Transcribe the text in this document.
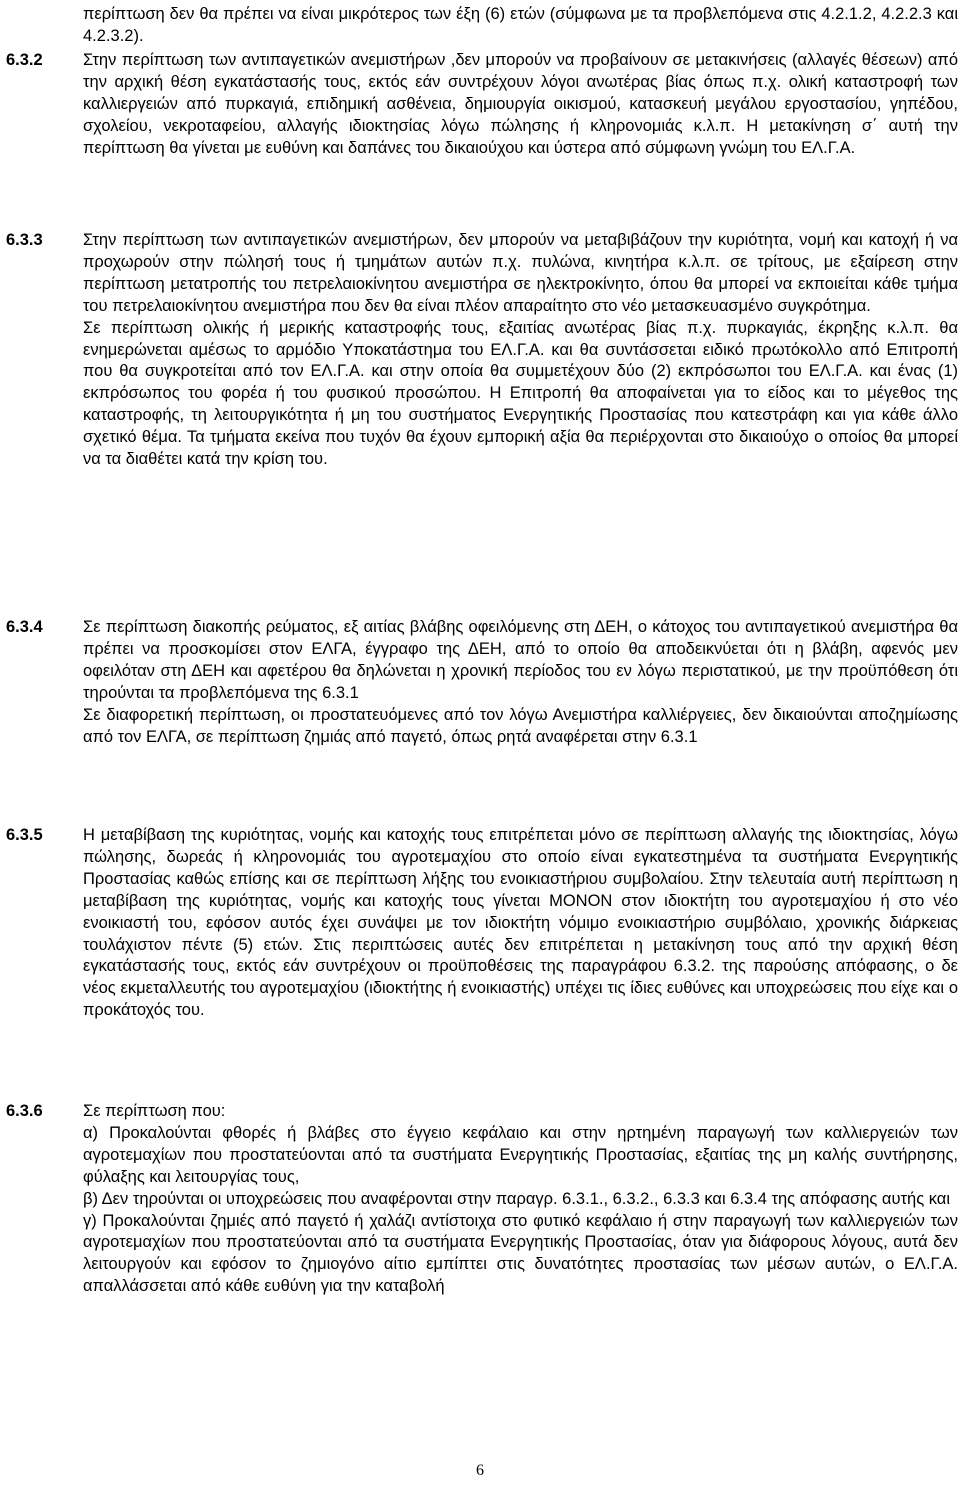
περίπτωση δεν θα πρέπει να είναι μικρότερος των έξη (6) ετών (σύμφωνα με τα προβλεπόμενα στις 4.2.1.2, 4.2.2.3 και 4.2.3.2).

6.3.2 Στην περίπτωση των αντιπαγετικών ανεμιστήρων ,δεν μπορούν να προβαίνουν σε μετακινήσεις (αλλαγές θέσεων) από την αρχική θέση εγκατάστασής τους, εκτός εάν συντρέχουν λόγοι ανωτέρας βίας όπως π.χ. ολική καταστροφή των καλλιεργειών από πυρκαγιά, επιδημική ασθένεια, δημιουργία οικισμού, κατασκευή μεγάλου εργοστασίου, γηπέδου, σχολείου, νεκροταφείου, αλλαγής ιδιοκτησίας λόγω πώλησης ή κληρονομιάς κ.λ.π. Η μετακίνηση σ΄ αυτή την περίπτωση θα γίνεται με ευθύνη και δαπάνες του δικαιούχου και ύστερα από σύμφωνη γνώμη του ΕΛ.Γ.Α.

6.3.3 Στην περίπτωση των αντιπαγετικών ανεμιστήρων, δεν μπορούν να μεταβιβάζουν την κυριότητα, νομή και κατοχή ή να προχωρούν στην πώλησή τους ή τμημάτων αυτών π.χ. πυλώνα, κινητήρα κ.λ.π. σε τρίτους, με εξαίρεση στην περίπτωση μετατροπής του πετρελαιοκίνητου ανεμιστήρα σε ηλεκτροκίνητο, όπου θα μπορεί να εκποιείται κάθε τμήμα του πετρελαιοκίνητου ανεμιστήρα που δεν θα είναι πλέον απαραίτητο στο νέο μετασκευασμένο συγκρότημα.

Σε περίπτωση ολικής ή μερικής καταστροφής τους, εξαιτίας ανωτέρας βίας π.χ. πυρκαγιάς, έκρηξης κ.λ.π. θα ενημερώνεται αμέσως το αρμόδιο Υποκατάστημα του ΕΛ.Γ.Α. και θα συντάσσεται ειδικό πρωτόκολλο από Επιτροπή που θα συγκροτείται από τον ΕΛ.Γ.Α. και στην οποία θα συμμετέχουν δύο (2) εκπρόσωποι του ΕΛ.Γ.Α. και ένας (1) εκπρόσωπος του φορέα ή του φυσικού προσώπου. Η Επιτροπή θα αποφαίνεται για το είδος και το μέγεθος της καταστροφής, τη λειτουργικότητα ή μη του συστήματος Ενεργητικής Προστασίας που κατεστράφη και για κάθε άλλο σχετικό θέμα. Τα τμήματα εκείνα που τυχόν θα έχουν εμπορική αξία θα περιέρχονται στο δικαιούχο ο οποίος θα μπορεί να τα διαθέτει κατά την κρίση του.

6.3.4 Σε περίπτωση διακοπής ρεύματος, εξ αιτίας βλάβης οφειλόμενης στη ΔΕΗ, ο κάτοχος του αντιπαγετικού ανεμιστήρα θα πρέπει να προσκομίσει στον ΕΛΓΑ, έγγραφο της ΔΕΗ, από το οποίο θα αποδεικνύεται ότι η βλάβη, αφενός μεν οφειλόταν στη ΔΕΗ και αφετέρου θα δηλώνεται η χρονική περίοδος του εν λόγω περιστατικού, με την προϋπόθεση ότι τηρούνται τα προβλεπόμενα της 6.3.1

Σε διαφορετική περίπτωση, οι προστατευόμενες από τον λόγω Ανεμιστήρα καλλιέργειες, δεν δικαιούνται αποζημίωσης από τον ΕΛΓΑ, σε περίπτωση ζημιάς από παγετό, όπως ρητά αναφέρεται στην 6.3.1

6.3.5 Η μεταβίβαση της κυριότητας, νομής και κατοχής τους επιτρέπεται μόνο σε περίπτωση αλλαγής της ιδιοκτησίας, λόγω πώλησης, δωρεάς ή κληρονομιάς του αγροτεμαχίου στο οποίο είναι εγκατεστημένα τα συστήματα Ενεργητικής Προστασίας καθώς επίσης και σε περίπτωση λήξης του ενοικιαστήριου συμβολαίου. Στην τελευταία αυτή περίπτωση η μεταβίβαση της κυριότητας, νομής και κατοχής τους γίνεται ΜΟΝΟΝ στον ιδιοκτήτη του αγροτεμαχίου ή στο νέο ενοικιαστή του, εφόσον αυτός έχει συνάψει με τον ιδιοκτήτη νόμιμο ενοικιαστήριο συμβόλαιο, χρονικής διάρκειας τουλάχιστον πέντε (5) ετών. Στις περιπτώσεις αυτές δεν επιτρέπεται η μετακίνηση τους από την αρχική θέση εγκατάστασής τους, εκτός εάν συντρέχουν οι προϋποθέσεις της παραγράφου 6.3.2. της παρούσης απόφασης, ο δε νέος εκμεταλλευτής του αγροτεμαχίου (ιδιοκτήτης ή ενοικιαστής) υπέχει τις ίδιες ευθύνες και υποχρεώσεις που είχε και ο προκάτοχός του.

6.3.6 Σε περίπτωση που:

α) Προκαλούνται φθορές ή βλάβες στο έγγειο κεφάλαιο και στην ηρτημένη παραγωγή των καλλιεργειών των αγροτεμαχίων που προστατεύονται από τα συστήματα Ενεργητικής Προστασίας, εξαιτίας της μη καλής συντήρησης, φύλαξης και λειτουργίας τους,

β) Δεν τηρούνται οι υποχρεώσεις που αναφέρονται στην παραγρ. 6.3.1., 6.3.2., 6.3.3 και 6.3.4 της απόφασης αυτής και

γ) Προκαλούνται ζημιές από παγετό ή χαλάζι αντίστοιχα στο φυτικό κεφάλαιο ή στην παραγωγή των καλλιεργειών των αγροτεμαχίων που προστατεύονται από τα συστήματα Ενεργητικής Προστασίας, όταν για διάφορους λόγους, αυτά δεν λειτουργούν και εφόσον το ζημιογόνο αίτιο εμπίπτει στις δυνατότητες προστασίας των μέσων αυτών, ο ΕΛ.Γ.Α. απαλλάσσεται από κάθε ευθύνη για την καταβολή

6
